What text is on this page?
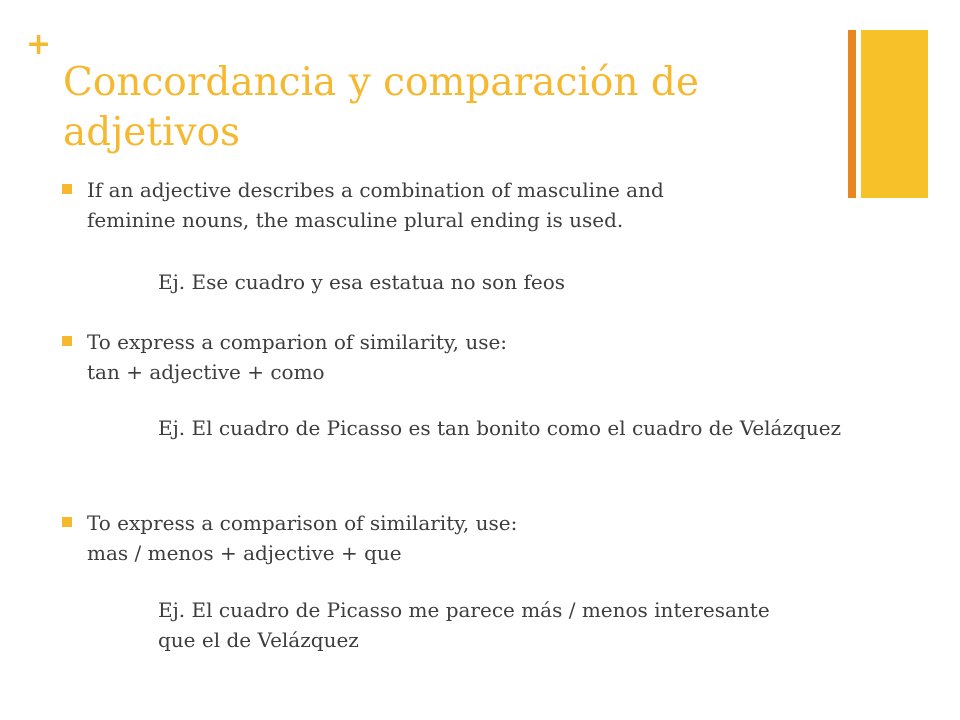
+
Concordancia y comparación de adjetivos
If an adjective describes a combination of masculine and
feminine nouns, the masculine plural ending is used.
Ej. Ese cuadro y esa estatua no son feos
To express a comparion of similarity, use:
tan + adjective + como
Ej. El cuadro de Picasso es tan bonito como el cuadro de Velázquez
To express a comparison of similarity, use:
mas / menos + adjective + que
Ej. El cuadro de Picasso me parece más / menos interesante que el de Velázquez
